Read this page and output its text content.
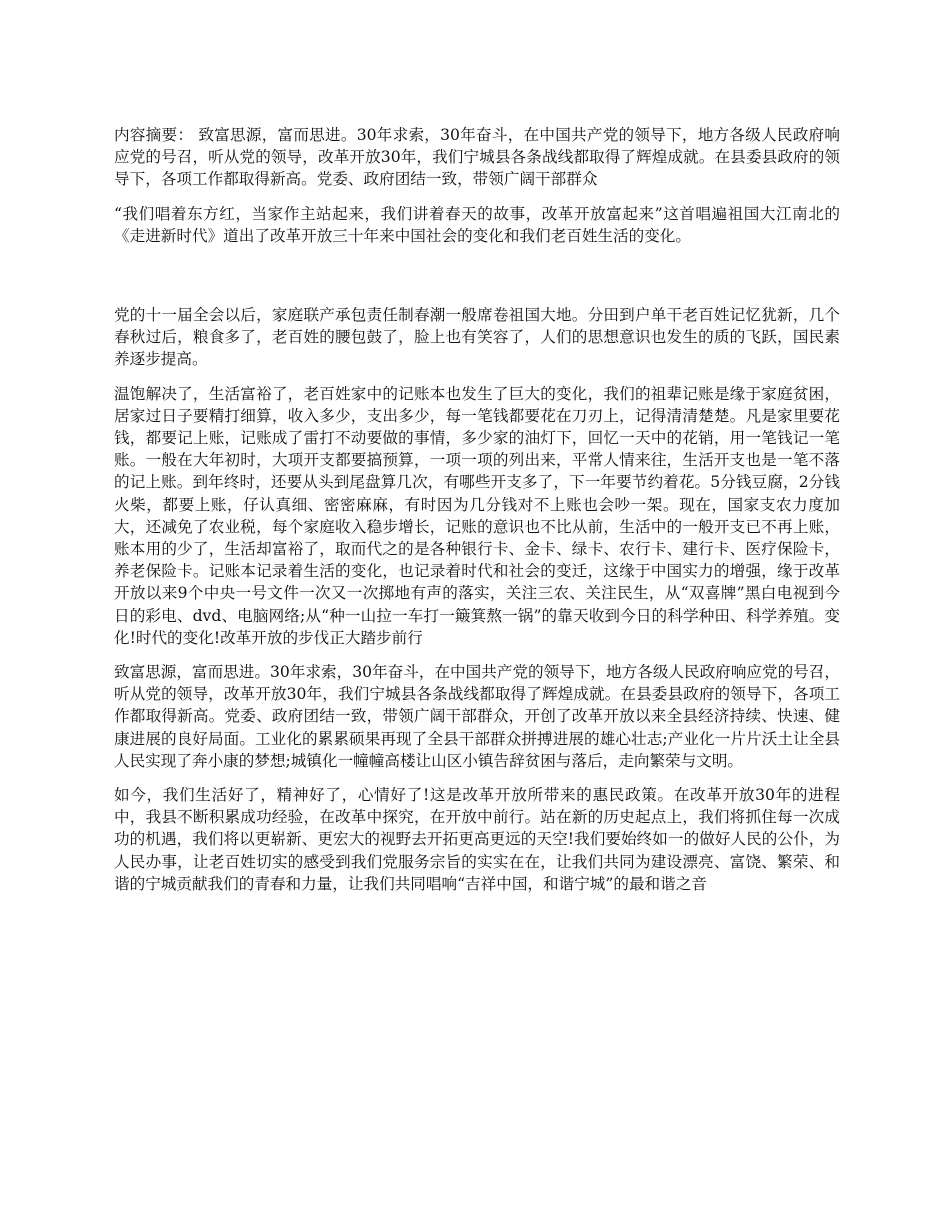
内容摘要： 致富思源，富而思进。30年求索，30年奋斗，在中国共产党的领导下，地方各级人民政府响应党的号召，听从党的领导，改革开放30年，我们宁城县各条战线都取得了辉煌成就。在县委县政府的领导下，各项工作都取得新高。党委、政府团结一致，带领广阔干部群众

“我们唱着东方红，当家作主站起来，我们讲着春天的故事，改革开放富起来”这首唱遍祖国大江南北的《走进新时代》道出了改革开放三十年来中国社会的变化和我们老百姓生活的变化。

党的十一届全会以后，家庭联产承包责任制春潮一般席卷祖国大地。分田到户单干老百姓记忆犹新，几个春秋过后，粮食多了，老百姓的腰包鼓了，脸上也有笑容了，人们的思想意识也发生的质的飞跃，国民素养逐步提高。

温饱解决了，生活富裕了，老百姓家中的记账本也发生了巨大的变化，我们的祖辈记账是缘于家庭贫困，居家过日子要精打细算，收入多少，支出多少，每一笔钱都要花在刀刃上，记得清清楚楚。凡是家里要花钱，都要记上账，记账成了雷打不动要做的事情，多少家的油灯下，回忆一天中的花销，用一笔钱记一笔账。一般在大年初时，大项开支都要搞预算，一项一项的列出来，平常人情来往，生活开支也是一笔不落的记上账。到年终时，还要从头到尾盘算几次，有哪些开支多了，下一年要节约着花。5分钱豆腐，2分钱火柴，都要上账，仔认真细、密密麻麻，有时因为几分钱对不上账也会吵一架。现在，国家支农力度加大，还减免了农业税，每个家庭收入稳步增长，记账的意识也不比从前，生活中的一般开支已不再上账，账本用的少了，生活却富裕了，取而代之的是各种银行卡、金卡、绿卡、农行卡、建行卡、医疗保险卡，养老保险卡。记账本记录着生活的变化，也记录着时代和社会的变迁，这缘于中国实力的增强，缘于改革开放以来9个中央一号文件一次又一次掷地有声的落实，关注三农、关注民生，从“双喜牌”黑白电视到今日的彩电、dvd、电脑网络;从“种一山拉一车打一簸箕熬一锅”的靠天收到今日的科学种田、科学养殖。变化!时代的变化!改革开放的步伐正大踏步前行

致富思源，富而思进。30年求索，30年奋斗，在中国共产党的领导下，地方各级人民政府响应党的号召，听从党的领导，改革开放30年，我们宁城县各条战线都取得了辉煌成就。在县委县政府的领导下，各项工作都取得新高。党委、政府团结一致，带领广阔干部群众，开创了改革开放以来全县经济持续、快速、健康进展的良好局面。工业化的累累硕果再现了全县干部群众拼搏进展的雄心壮志;产业化一片片沃土让全县人民实现了奔小康的梦想;城镇化一幢幢高楼让山区小镇告辞贫困与落后，走向繁荣与文明。

如今，我们生活好了，精神好了，心情好了!这是改革开放所带来的惠民政策。在改革开放30年的进程中，我县不断积累成功经验，在改革中探究，在开放中前行。站在新的历史起点上，我们将抓住每一次成功的机遇，我们将以更崭新、更宏大的视野去开拓更高更远的天空!我们要始终如一的做好人民的公仆，为人民办事，让老百姓切实的感受到我们党服务宗旨的实实在在，让我们共同为建设漂亮、富饶、繁荣、和谐的宁城贡献我们的青春和力量，让我们共同唱响“吉祥中国，和谐宁城”的最和谐之音
